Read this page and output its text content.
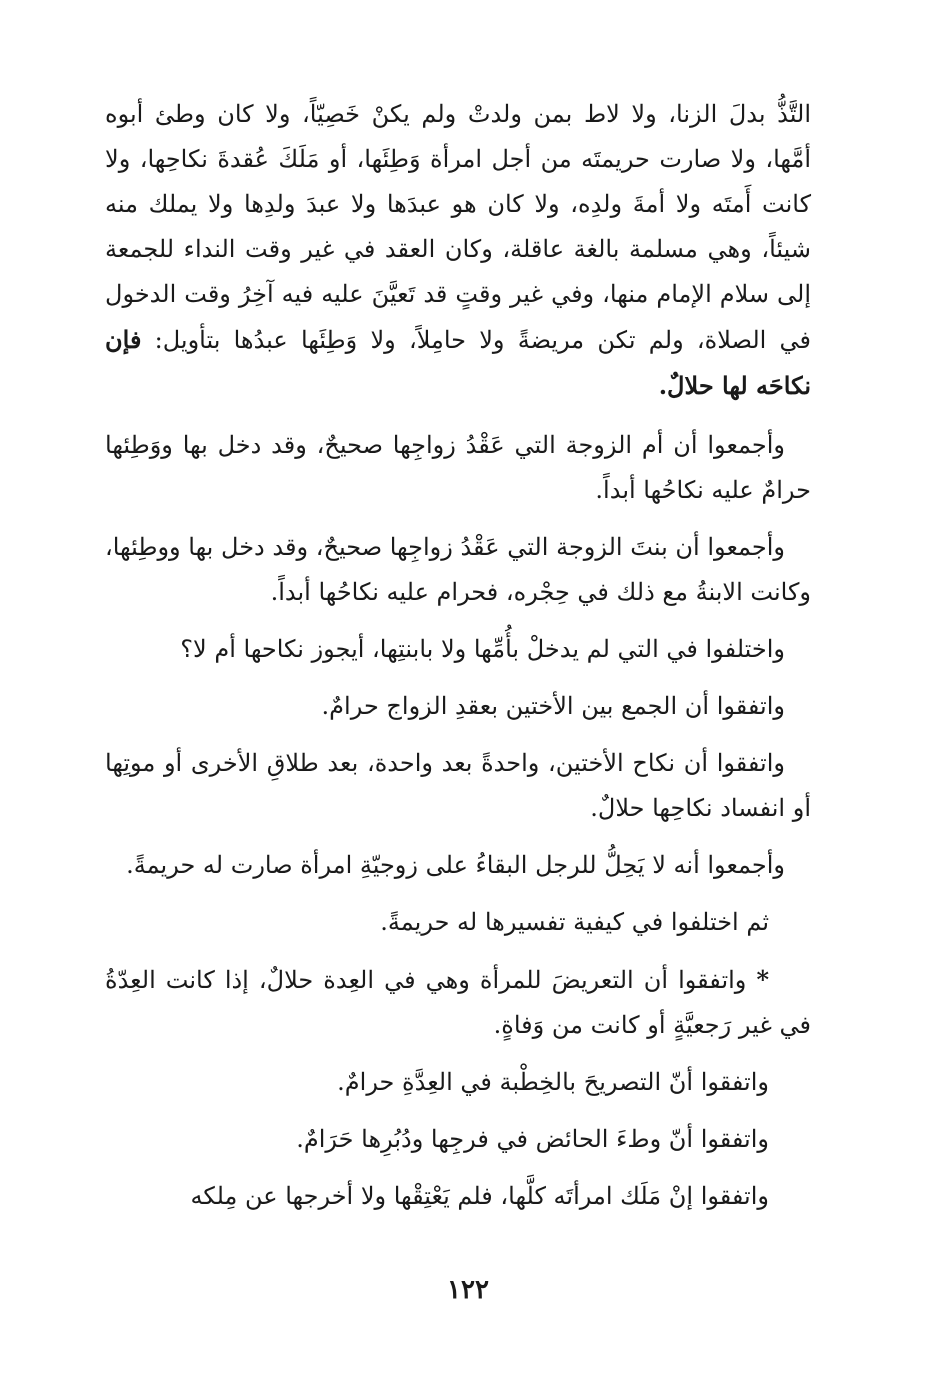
التَّذُّ بدلَ الزنا، ولا لاط بمن ولدتْ ولم يكنْ خَصِيّاً، ولا كان وطئ أبوه أمَّها، ولا صارت حريمتَه من أجل امرأة وَطِئَها، أو مَلَكَ عُقدةَ نكاحِها، ولا كانت أَمتَه ولا أمةَ ولدِه، ولا كان هو عبدَها ولا عبدَ ولدِها ولا يملك منه شيئاً، وهي مسلمة بالغة عاقلة، وكان العقد في غير وقت النداء للجمعة إلى سلام الإمام منها، وفي غير وقتٍ قد تَعيَّنَ عليه فيه آخِرُ وقت الدخول في الصلاة، ولم تكن مريضةً ولا حامِلاً، ولا وَطِئَها عبدُها بتأويل: فإن نكاحَه لها حلالٌ.

وأجمعوا أن أم الزوجة التي عَقْدُ زواجِها صحيحٌ، وقد دخل بها ووَطِئها حرامٌ عليه نكاحُها أبداً.

وأجمعوا أن بنتَ الزوجة التي عَقْدُ زواجِها صحيحٌ، وقد دخل بها ووطِئها، وكانت الابنةُ مع ذلك في حِجْره، فحرام عليه نكاحُها أبداً.

واختلفوا في التي لم يدخلْ بأُمِّها ولا بابنتِها، أيجوز نكاحها أم لا؟

واتفقوا أن الجمع بين الأختين بعقدِ الزواج حرامٌ.

واتفقوا أن نكاح الأختين، واحدةً بعد واحدة، بعد طلاقِ الأخرى أو موتِها أو انفساد نكاحِها حلالٌ.

وأجمعوا أنه لا يَحِلُّ للرجل البقاءُ على زوجيّةِ امرأة صارت له حريمةً.

ثم اختلفوا في كيفية تفسيرها له حريمةً.

* واتفقوا أن التعريضَ للمرأة وهي في العِدة حلالٌ، إذا كانت العِدّةُ في غير رَجعيَّةٍ أو كانت من وَفاةٍ.

واتفقوا أنّ التصريحَ بالخِطْبة في العِدَّةِ حرامٌ.

واتفقوا أنّ وطءَ الحائض في فرجِها ودُبُرِها حَرَامٌ.

واتفقوا إنْ مَلَك امرأتَه كلَّها، فلم يَعْتِقْها ولا أخرجها عن مِلكه

١٢٢
